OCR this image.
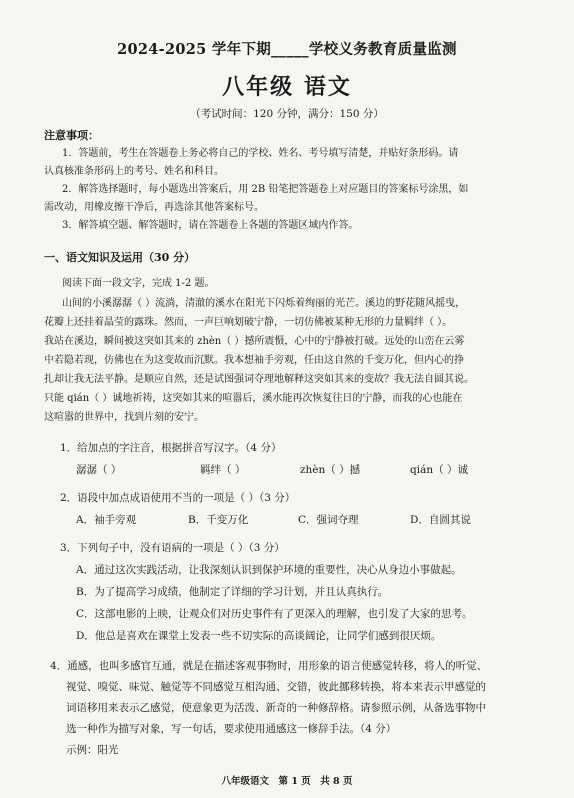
2024-2025 学年下期_____学校义务教育质量监测
八年级 语文
（考试时间：120 分钟，满分：150 分）
注意事项：
1．答题前，考生在答题卷上务必将自己的学校、姓名、考号填写清楚，并贴好条形码。请
认真核准条形码上的考号、姓名和科目。
2．解答选择题时，每小题选出答案后，用 2B 铅笔把答题卷上对应题目的答案标号涂黑，如
需改动，用橡皮擦干净后，再选涂其他答案标号。
3．解答填空题、解答题时，请在答题卷上各题的答题区域内作答。
一、语文知识及运用（30 分）
阅读下面一段文字，完成 1-2 题。
山间的小溪潺潺（ ）流淌，清澈的溪水在阳光下闪烁着绚丽的光芒。溪边的野花随风摇曳，
花瓣上还挂着晶莹的露珠。然而，一声巨响划破宁静，一切仿佛被某种无形的力量羁绊（ ）。
我站在溪边，瞬间被这突如其来的 zhèn（ ）撼所震慑，心中的宁静被打破。远处的山峦在云雾
中若隐若现，仿佛也在为这变故而沉默。我本想袖手旁观，任由这自然的千变万化，但内心的挣
扎却让我无法平静。是顺应自然，还是试图强词夺理地解释这突如其来的变故？我无法自圆其说。
只能 qián（ ）诚地祈祷，这突如其来的喧嚣后，溪水能再次恢复往日的宁静，而我的心也能在
这喧嚣的世界中，找到片刻的安宁。
1．给加点的字注音，根据拼音写汉字。（4 分）
潺潺（ ）	羁绊（ ）	zhèn（ ）撼	qián（ ）诚
2．语段中加点成语使用不当的一项是（ ）（3 分）
A．袖手旁观	B．千变万化	C．强词夺理	D．自圆其说
3．下列句子中，没有语病的一项是（ ）（3 分）
A．通过这次实践活动，让我深刻认识到保护环境的重要性，决心从身边小事做起。
B．为了提高学习成绩，他制定了详细的学习计划，并且认真执行。
C．这部电影的上映，让观众们对历史事件有了更深入的理解，也引发了大家的思考。
D．他总是喜欢在课堂上发表一些不切实际的高谈阔论，让同学们感到很厌烦。
4．通感，也叫多感官互通，就是在描述客观事物时，用形象的语言使感觉转移，将人的听觉、
视觉、嗅觉、味觉、触觉等不同感觉互相沟通、交错，彼此挪移转换，将本来表示甲感觉的
词语移用来表示乙感觉，使意象更为活泼、新奇的一种修辞格。请参照示例，从备选事物中
选一种作为描写对象，写一句话，要求使用通感这一修辞手法。（4 分）
示例：阳光
八年级语文　第 1 页　共 8 页
